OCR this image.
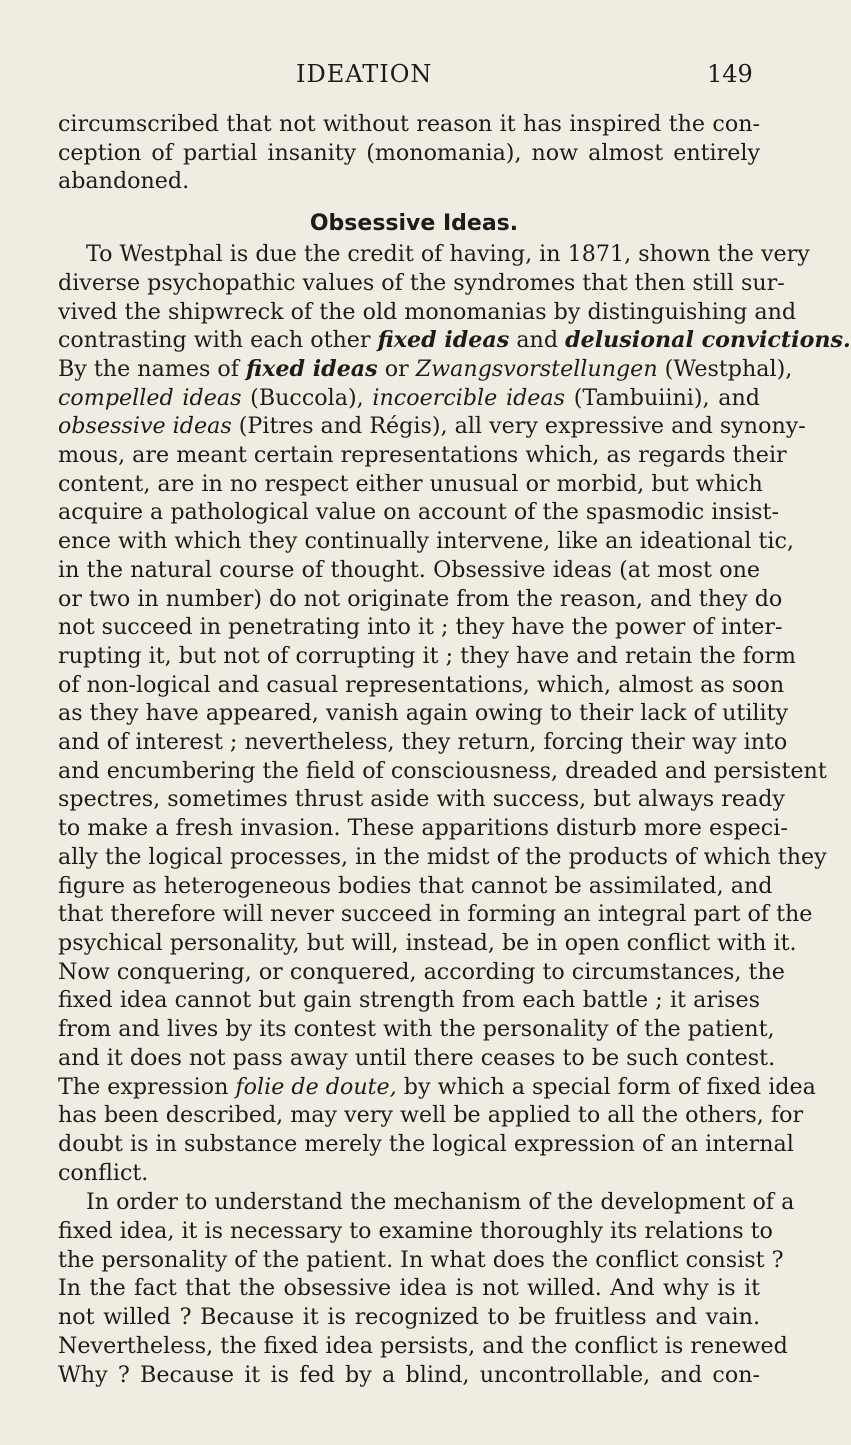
IDEATION	149
circumscribed that not without reason it has inspired the con-
ception of partial insanity (monomania), now almost entirely
abandoned.
Obsessive Ideas.
To Westphal is due the credit of having, in 1871, shown the very
diverse psychopathic values of the syndromes that then still sur-
vived the shipwreck of the old monomanias by distinguishing and
contrasting with each other fixed ideas and delusional convictions.
By the names of fixed ideas or Zwangsvorstellungen (Westphal),
compelled ideas (Buccola), incoercible ideas (Tambuiini), and
obsessive ideas (Pitres and Régis), all very expressive and synony-
mous, are meant certain representations which, as regards their
content, are in no respect either unusual or morbid, but which
acquire a pathological value on account of the spasmodic insist-
ence with which they continually intervene, like an ideational tic,
in the natural course of thought. Obsessive ideas (at most one
or two in number) do not originate from the reason, and they do
not succeed in penetrating into it ; they have the power of inter-
rupting it, but not of corrupting it ; they have and retain the form
of non-logical and casual representations, which, almost as soon
as they have appeared, vanish again owing to their lack of utility
and of interest ; nevertheless, they return, forcing their way into
and encumbering the field of consciousness, dreaded and persistent
spectres, sometimes thrust aside with success, but always ready
to make a fresh invasion. These apparitions disturb more especi-
ally the logical processes, in the midst of the products of which they
figure as heterogeneous bodies that cannot be assimilated, and
that therefore will never succeed in forming an integral part of the
psychical personality, but will, instead, be in open conflict with it.
Now conquering, or conquered, according to circumstances, the
fixed idea cannot but gain strength from each battle ; it arises
from and lives by its contest with the personality of the patient,
and it does not pass away until there ceases to be such contest.
The expression folie de doute, by which a special form of fixed idea
has been described, may very well be applied to all the others, for
doubt is in substance merely the logical expression of an internal
conflict.
In order to understand the mechanism of the development of a
fixed idea, it is necessary to examine thoroughly its relations to
the personality of the patient. In what does the conflict consist ?
In the fact that the obsessive idea is not willed. And why is it
not willed ? Because it is recognized to be fruitless and vain.
Nevertheless, the fixed idea persists, and the conflict is renewed
Why ? Because it is fed by a blind, uncontrollable, and con-
